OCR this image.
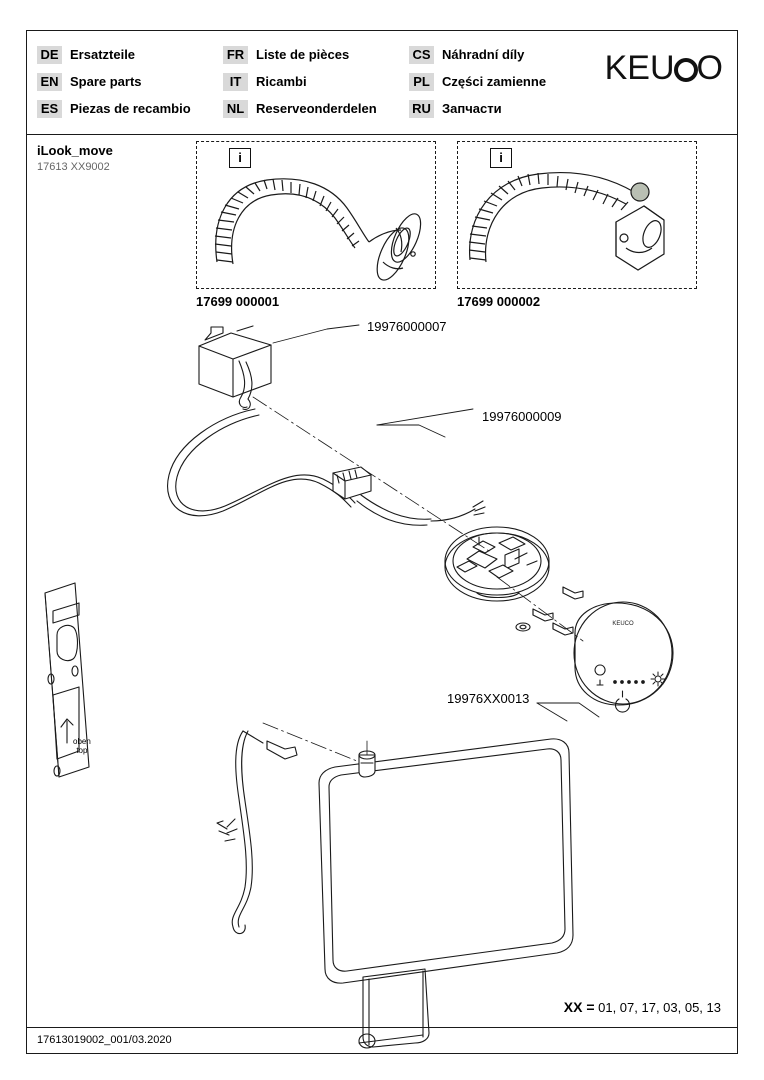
DE Ersatzteile	FR Liste de pièces	CS Náhradní díly
EN Spare parts	IT	Ricambi	PL Części zamienne
ES Piezas de recambio	NL Reserveonderdelen	RU Запчасти
KEU O
iLook_move
17613 XX9002
i
17699 000001
i
17699 000002
KEUCO
19976000007
19976000009
19976XX0013
oben
top
XX = 01, 07, 17, 03, 05, 13
17613019002_001/03.2020
